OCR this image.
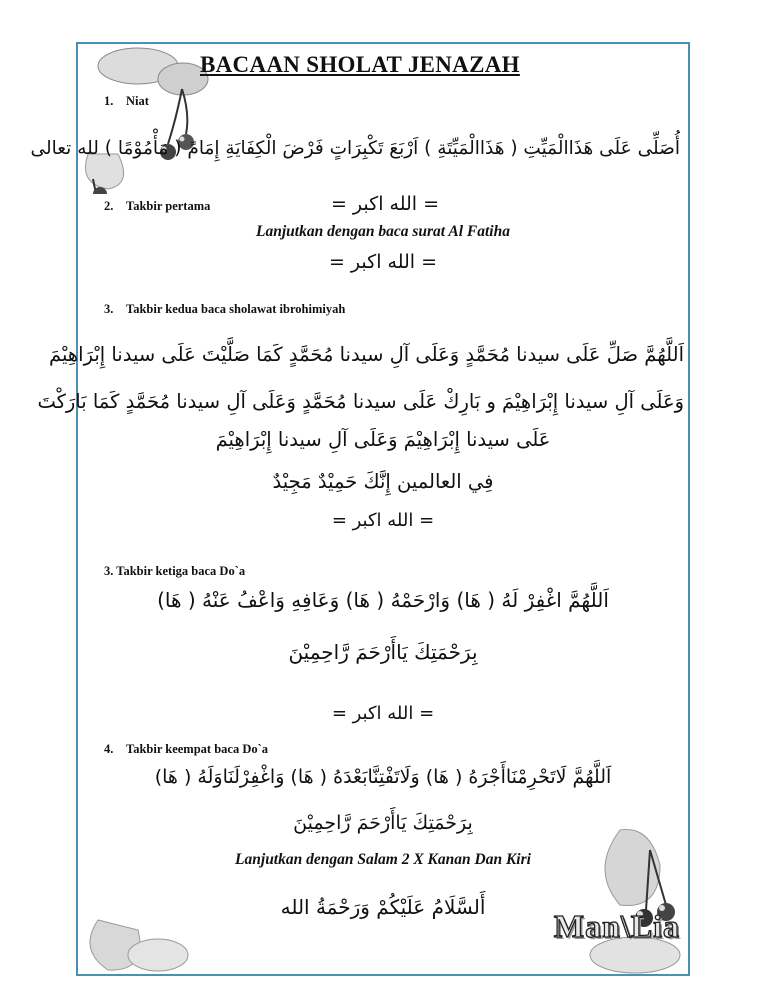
BACAAN SHOLAT JENAZAH
1. Niat
أُصَلِّى عَلَى هَذَاالْمَيِّتِ ( هَذَاالْمَيِّتَةِ ) اَرْبَعَ تَكْبِرَاتٍ فَرْضَ الْكِفَايَةِ إِمَامً ( مَأْمُوْمًا ) لله تعالى
2. Takbir pertama	= الله اكبر =
Lanjutkan dengan baca surat Al Fatiha
= الله اكبر =
3. Takbir kedua baca sholawat ibrohimiyah
اَللَّهُمَّ صَلِّ عَلَى سيدنا مُحَمَّدٍ وَعَلَى آلِ سيدنا مُحَمَّدٍ كَمَا صَلَّيْتَ عَلَى سيدنا إِبْرَاهِيْمَ
وَعَلَى آلِ سيدنا إِبْرَاهِيْمَ و بَارِكْ عَلَى سيدنا مُحَمَّدٍ وَعَلَى آلِ سيدنا مُحَمَّدٍ كَمَا بَارَكْتَ
عَلَى سيدنا إِبْرَاهِيْمَ وَعَلَى آلِ سيدنا إِبْرَاهِيْمَ
فِي العالمين إِنَّكَ حَمِيْدٌ مَجِيْدٌ
= الله اكبر =
3. Takbir ketiga baca Do`a
اَللَّهُمَّ اغْفِرْ لَهُ ( هَا) وَارْحَمْهُ ( هَا) وَعَافِهِ وَاعْفُ عَنْهُ ( هَا)
بِرَحْمَتِكَ يَاأَرْحَمَ رَّاحِمِيْنَ
= الله اكبر =
4. Takbir keempat baca Do`a
اَللَّهُمَّ لَاتَحْرِمْنَاأَجْرَهُ ( هَا) وَلَاتَفْتِنَّابَعْدَهُ ( هَا) وَاغْفِرْلَنَاوَلَهُ ( هَا)
بِرَحْمَتِكَ يَاأَرْحَمَ رَّاحِمِيْنَ
Lanjutkan dengan Salam 2 X Kanan Dan Kiri
أَلسَّلَامُ عَلَيْكُمْ وَرَحْمَةُ الله
Man\Lia
